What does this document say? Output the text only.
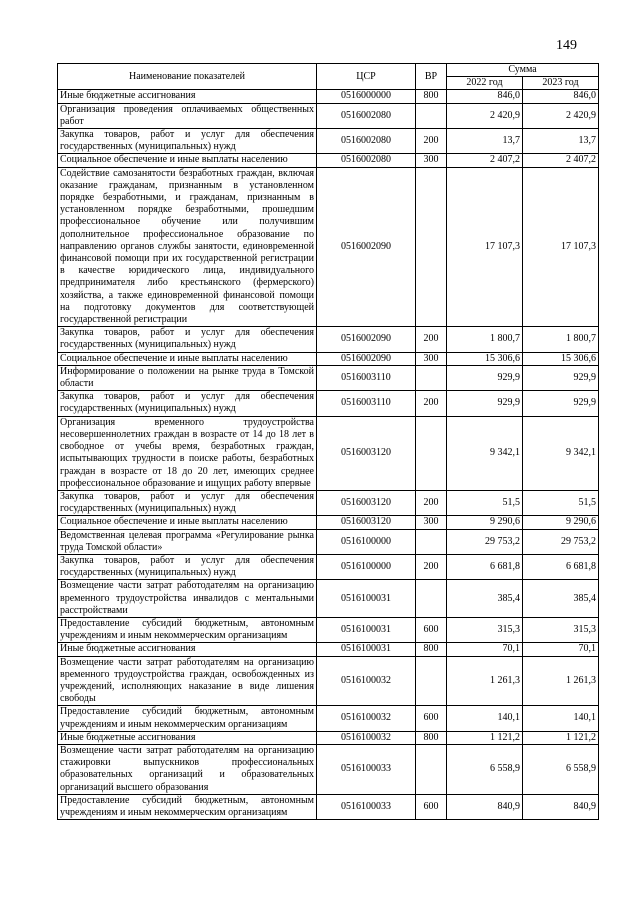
149
Наименование показателей	ЦСР	ВР	Сумма	
			2022 год	2023 год
Иные бюджетные ассигнования	0516000000	800	846,0	846,0
Организация проведения оплачиваемых общественных работ	0516002080		2 420,9	2 420,9
Закупка товаров, работ и услуг для обеспечения государственных (муниципальных) нужд	0516002080	200	13,7	13,7
Социальное обеспечение и иные выплаты населению	0516002080	300	2 407,2	2 407,2
Содействие самозанятости безработных граждан, включая оказание гражданам, признанным в установленном порядке безработными, и гражданам, признанным в установленном порядке безработными, прошедшим профессиональное обучение или получившим дополнительное профессиональное образование по направлению органов службы занятости, единовременной финансовой помощи при их государственной регистрации в качестве юридического лица, индивидуального предпринимателя либо крестьянского (фермерского) хозяйства, а также единовременной финансовой помощи на подготовку документов для соответствующей государственной регистрации	0516002090		17 107,3	17 107,3
Закупка товаров, работ и услуг для обеспечения государственных (муниципальных) нужд	0516002090	200	1 800,7	1 800,7
Социальное обеспечение и иные выплаты населению	0516002090	300	15 306,6	15 306,6
Информирование о положении на рынке труда в Томской области	0516003110		929,9	929,9
Закупка товаров, работ и услуг для обеспечения государственных (муниципальных) нужд	0516003110	200	929,9	929,9
Организация временного трудоустройства несовершеннолетних граждан в возрасте от 14 до 18 лет в свободное от учебы время, безработных граждан, испытывающих трудности в поиске работы, безработных граждан в возрасте от 18 до 20 лет, имеющих среднее профессиональное образование и ищущих работу впервые	0516003120		9 342,1	9 342,1
Закупка товаров, работ и услуг для обеспечения государственных (муниципальных) нужд	0516003120	200	51,5	51,5
Социальное обеспечение и иные выплаты населению	0516003120	300	9 290,6	9 290,6
Ведомственная целевая программа «Регулирование рынка труда Томской области»	0516100000		29 753,2	29 753,2
Закупка товаров, работ и услуг для обеспечения государственных (муниципальных) нужд	0516100000	200	6 681,8	6 681,8
Возмещение части затрат работодателям на организацию временного трудоустройства инвалидов с ментальными расстройствами	0516100031		385,4	385,4
Предоставление субсидий бюджетным, автономным учреждениям и иным некоммерческим организациям	0516100031	600	315,3	315,3
Иные бюджетные ассигнования	0516100031	800	70,1	70,1
Возмещение части затрат работодателям на организацию временного трудоустройства граждан, освобожденных из учреждений, исполняющих наказание в виде лишения свободы	0516100032		1 261,3	1 261,3
Предоставление субсидий бюджетным, автономным учреждениям и иным некоммерческим организациям	0516100032	600	140,1	140,1
Иные бюджетные ассигнования	0516100032	800	1 121,2	1 121,2
Возмещение части затрат работодателям на организацию стажировки выпускников профессиональных образовательных организаций и образовательных организаций высшего образования	0516100033		6 558,9	6 558,9
Предоставление субсидий бюджетным, автономным учреждениям и иным некоммерческим организациям	0516100033	600	840,9	840,9
